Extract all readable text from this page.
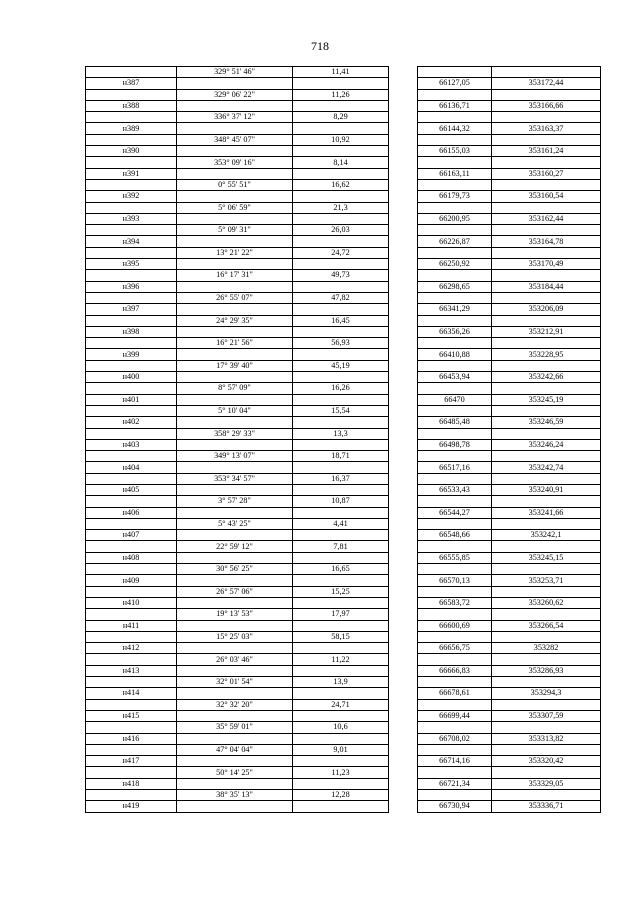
718
	329° 51' 46"	11,41			
н387				66127,05	353172,44
	329° 06' 22"	11,26			
н388				66136,71	353166,66
	336° 37' 12"	8,29			
н389				66144,32	353163,37
	348° 45' 07"	10,92			
н390				66155,03	353161,24
	353° 09' 16"	8,14			
н391				66163,11	353160,27
	0° 55' 51"	16,62			
н392				66179,73	353160,54
	5° 06' 59"	21,3			
н393				66200,95	353162,44
	5° 09' 31"	26,03			
н394				66226,87	353164,78
	13° 21' 22"	24,72			
н395				66250,92	353170,49
	16° 17' 31"	49,73			
н396				66298,65	353184,44
	26° 55' 07"	47,82			
н397				66341,29	353206,09
	24° 29' 35"	16,45			
н398				66356,26	353212,91
	16° 21' 56"	56,93			
н399				66410,88	353228,95
	17° 39' 40"	45,19			
н400				66453,94	353242,66
	8° 57' 09"	16,26			
н401				66470	353245,19
	5° 10' 04"	15,54			
н402				66485,48	353246,59
	358° 29' 33"	13,3			
н403				66498,78	353246,24
	349° 13' 07"	18,71			
н404				66517,16	353242,74
	353° 34' 57"	16,37			
н405				66533,43	353240,91
	3° 57' 28"	10,87			
н406				66544,27	353241,66
	5° 43' 25"	4,41			
н407				66548,66	353242,1
	22° 59' 12"	7,81			
н408				66555,85	353245,15
	30° 56' 25"	16,65			
н409				66570,13	353253,71
	26° 57' 06"	15,25			
н410				66583,72	353260,62
	19° 13' 53"	17,97			
н411				66600,69	353266,54
	15° 25' 03"	58,15			
н412				66656,75	353282
	26° 03' 46"	11,22			
н413				66666,83	353286,93
	32° 01' 54"	13,9			
н414				66678,61	353294,3
	32° 32' 20"	24,71			
н415				66699,44	353307,59
	35° 59' 01"	10,6			
н416				66708,02	353313,82
	47° 04' 04"	9,01			
н417				66714,16	353320,42
	50° 14' 25"	11,23			
н418				66721,34	353329,05
	38° 35' 13"	12,28			
н419				66730,94	353336,71
